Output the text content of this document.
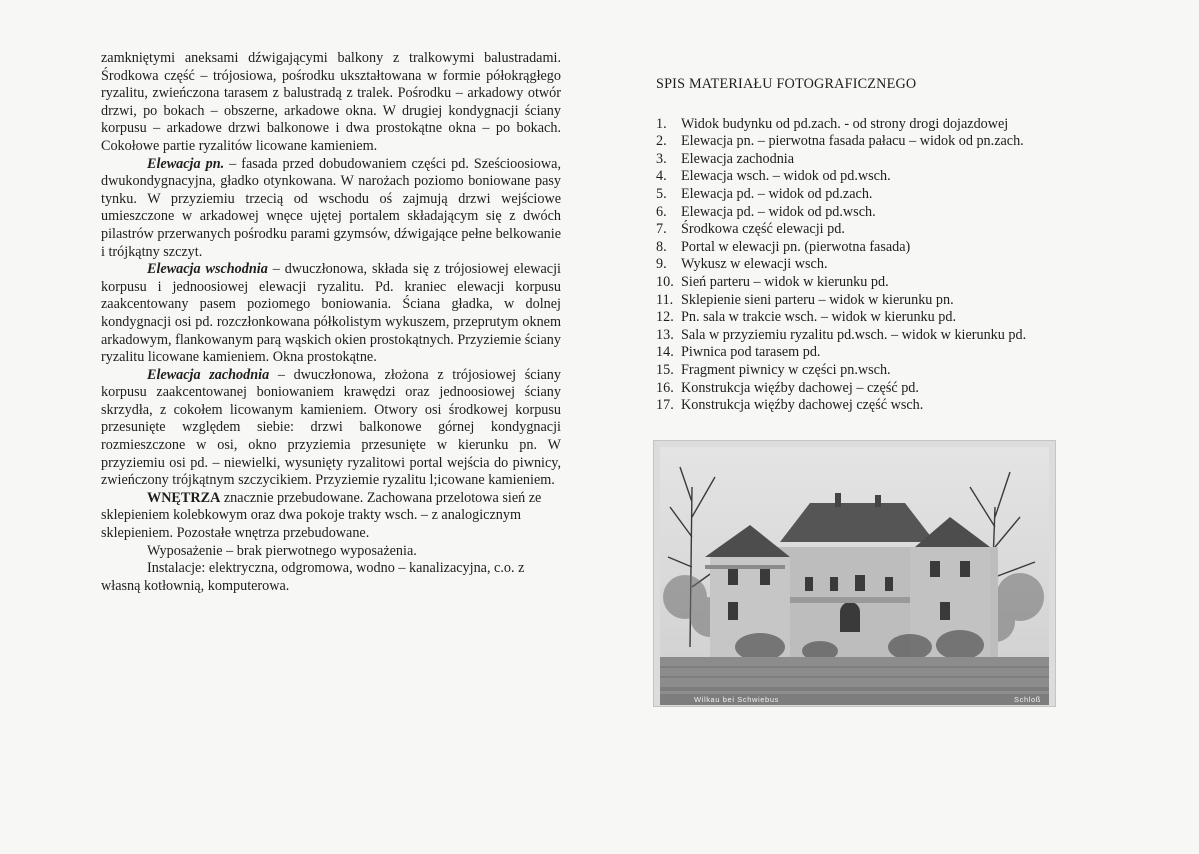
zamkniętymi aneksami dźwigającymi balkony z tralkowymi balustradami. Środkowa część – trójosiowa, pośrodku ukształtowana w formie półokrągłego ryzalitu, zwieńczona tarasem z balustradą z tralek. Pośrodku – arkadowy otwór drzwi, po bokach – obszerne, arkadowe okna. W drugiej kondygnacji ściany korpusu – arkadowe drzwi balkonowe i dwa prostokątne okna – po bokach. Cokołowe partie ryzalitów licowane kamieniem.

Elewacja pn. – fasada przed dobudowaniem części pd. Sześcioosiowa, dwukondygnacyjna, gładko otynkowana. W narożach poziomo boniowane pasy tynku. W przyziemiu trzecią od wschodu oś zajmują drzwi wejściowe umieszczone w arkadowej wnęce ujętej portalem składającym się z dwóch pilastrów przerwanych pośrodku parami gzymsów, dźwigające pełne belkowanie i trójkątny szczyt.

Elewacja wschodnia – dwuczłonowa, składa się z trójosiowej elewacji korpusu i jednoosiowej elewacji ryzalitu. Pd. kraniec elewacji korpusu zaakcentowany pasem poziomego boniowania. Ściana gładka, w dolnej kondygnacji osi pd. rozczłonkowana półkolistym wykuszem, przeprutym oknem arkadowym, flankowanym parą wąskich okien prostokątnych. Przyziemie ściany ryzalitu licowane kamieniem. Okna prostokątne.

Elewacja zachodnia – dwuczłonowa, złożona z trójosiowej ściany korpusu zaakcentowanej boniowaniem krawędzi oraz jednoosiowej ściany skrzydła, z cokołem licowanym kamieniem. Otwory osi środkowej korpusu przesunięte względem siebie: drzwi balkonowe górnej kondygnacji rozmieszczone w osi, okno przyziemia przesunięte w kierunku pn. W przyziemiu osi pd. – niewielki, wysunięty ryzalitowi portal wejścia do piwnicy, zwieńczony trójkątnym szczycikiem. Przyziemie ryzalitu l;icowane kamieniem.

WNĘTRZA znacznie przebudowane. Zachowana przelotowa sień ze sklepieniem kolebkowym oraz dwa pokoje trakty wsch. – z analogicznym sklepieniem. Pozostałe wnętrza przebudowane.

Wyposażenie – brak pierwotnego wyposażenia.

Instalacje: elektryczna, odgromowa, wodno – kanalizacyjna, c.o. z własną kotłownią, komputerowa.

SPIS MATERIAŁU FOTOGRAFICZNEGO
1.	Widok budynku od pd.zach. - od strony drogi dojazdowej
2.	Elewacja pn. – pierwotna fasada pałacu – widok od pn.zach.
3.	Elewacja zachodnia
4.	Elewacja wsch. – widok od pd.wsch.
5.	Elewacja pd. – widok od pd.zach.
6.	Elewacja pd. – widok od pd.wsch.
7.	Środkowa część elewacji pd.
8.	Portal w elewacji pn. (pierwotna fasada)
9.	Wykusz w elewacji wsch.
10. Sień parteru – widok w kierunku pd.
11. Sklepienie sieni parteru – widok w kierunku pn.
12. Pn. sala w trakcie wsch. – widok w kierunku pd.
13. Sala w przyziemiu ryzalitu pd.wsch. – widok w kierunku pd.
14. Piwnica pod tarasem pd.
15. Fragment piwnicy w części pn.wsch.
16. Konstrukcja więźby dachowej – część pd.
17. Konstrukcja więźby dachowej część wsch.
Wilkau bei Schwiebus	Schloß
